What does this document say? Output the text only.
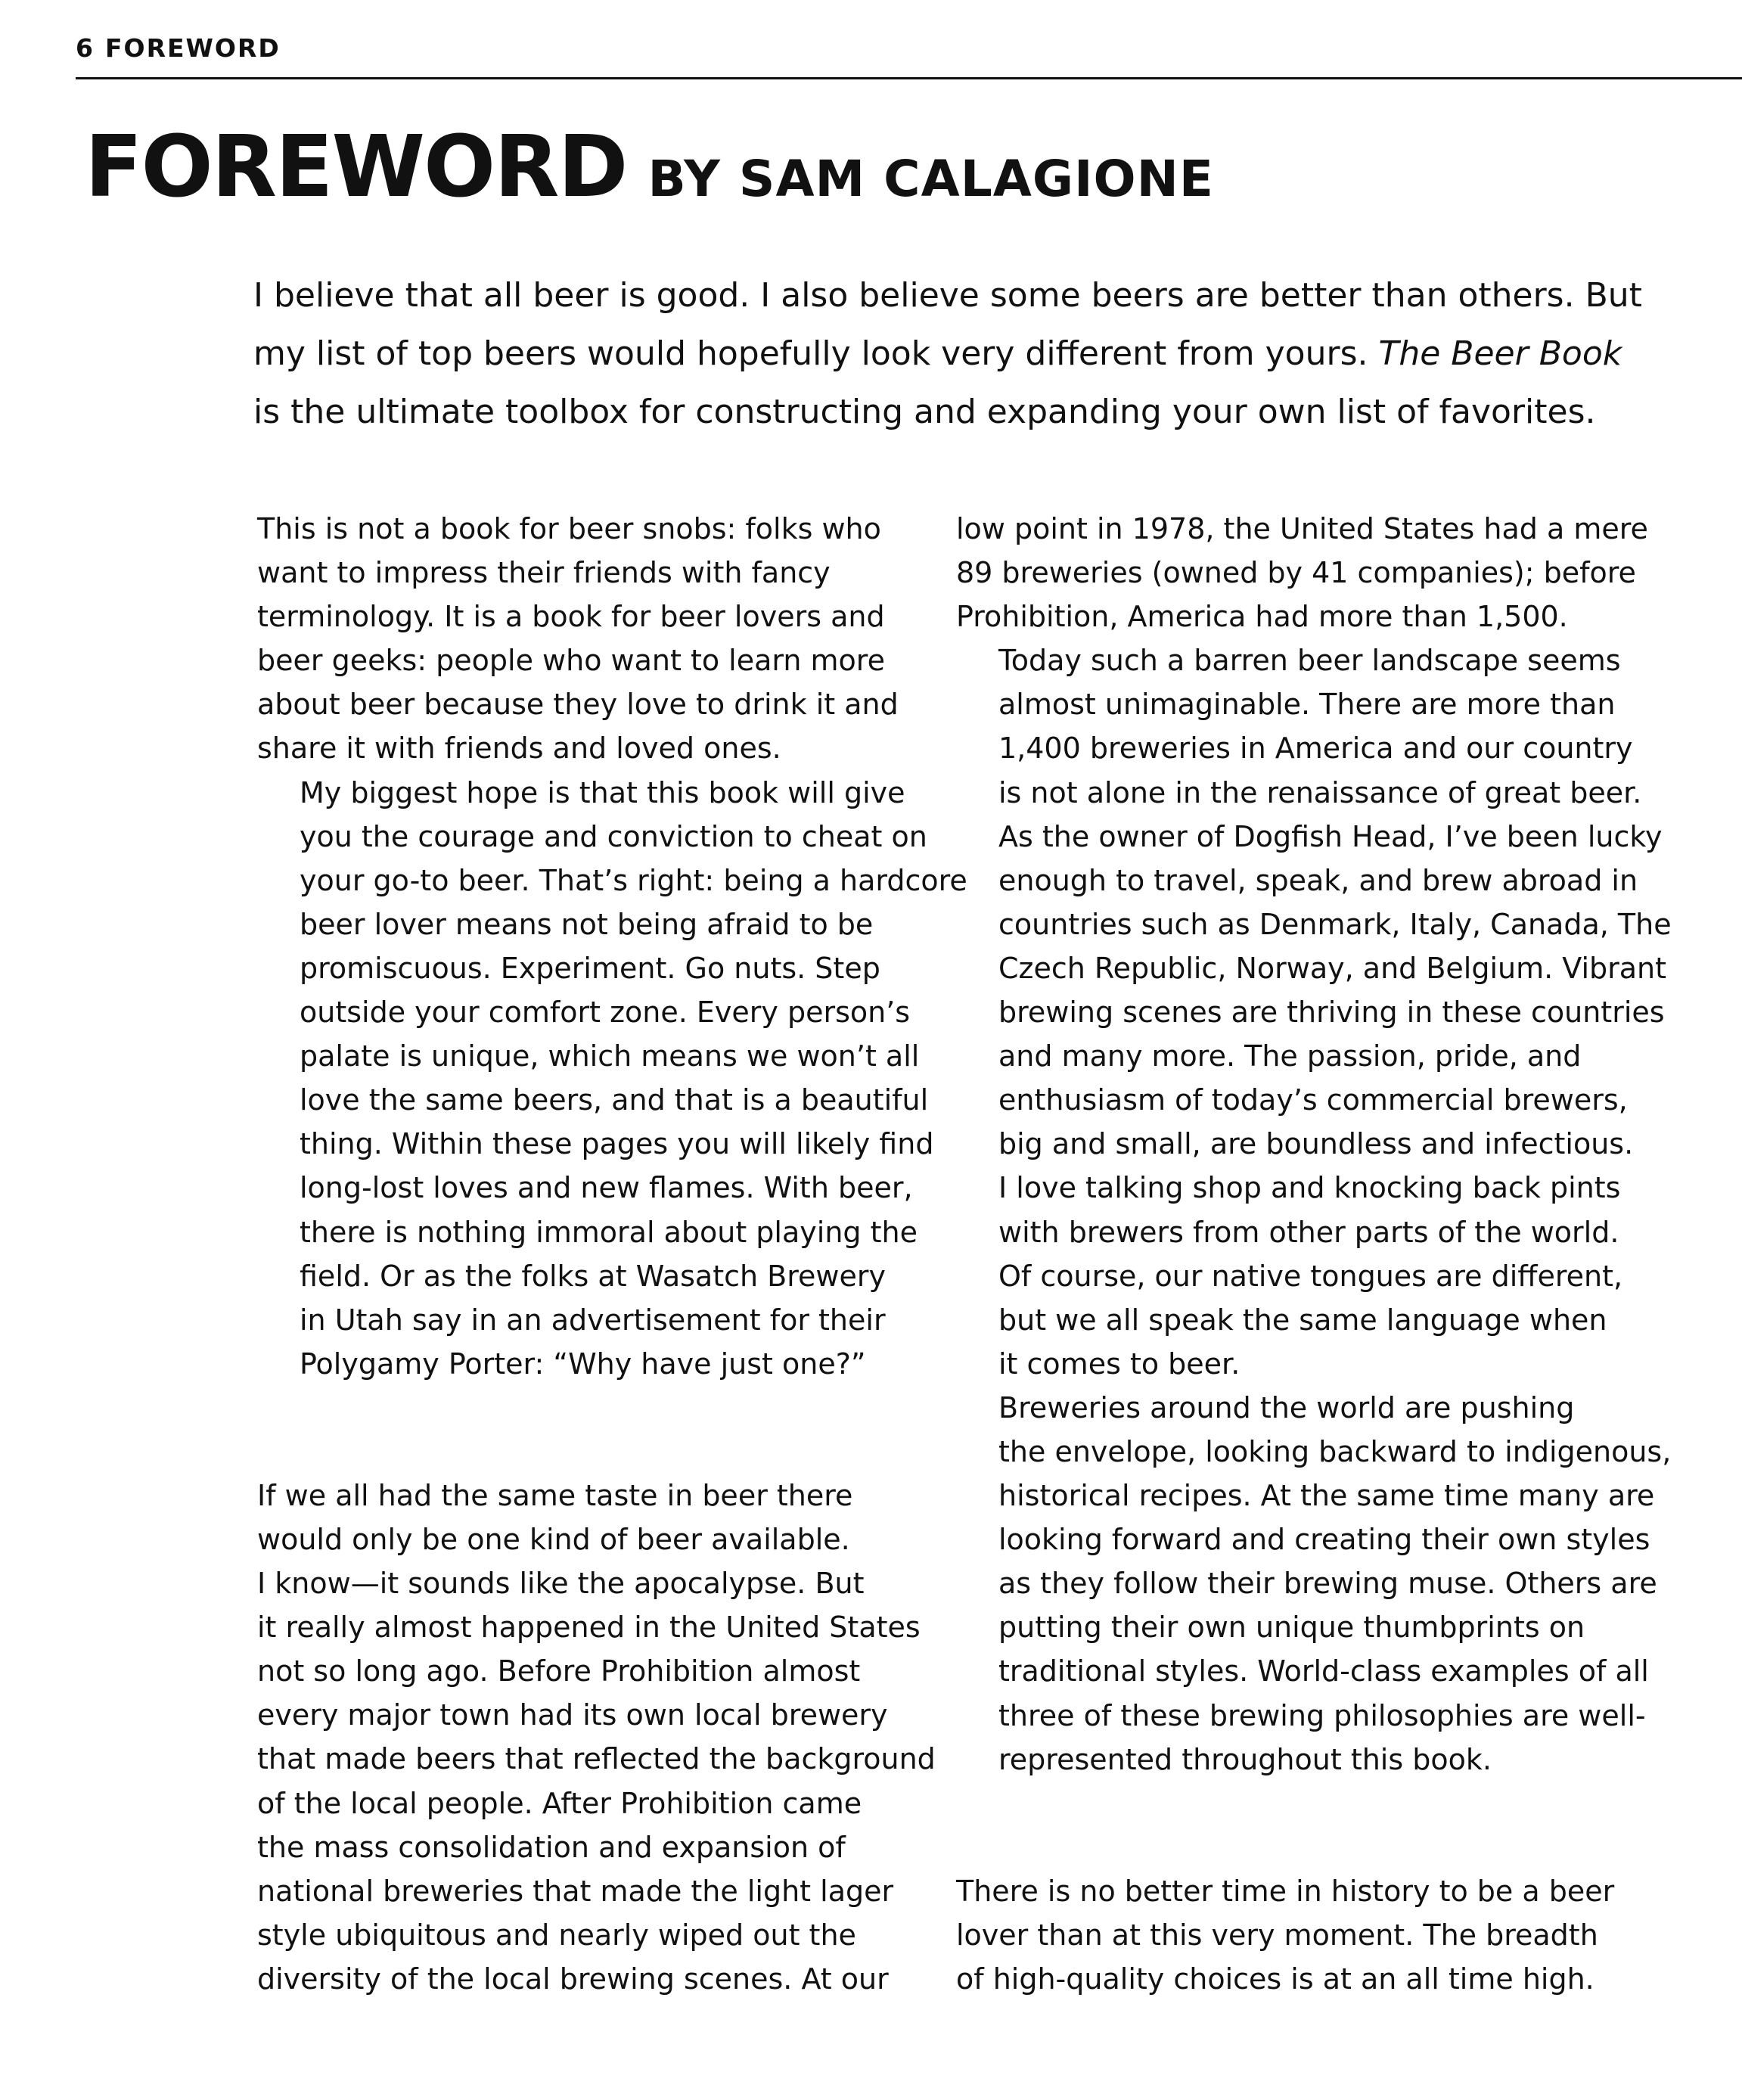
6 FOREWORD
FOREWORD BY SAM CALAGIONE

I believe that all beer is good. I also believe some beers are better than others. But
my list of top beers would hopefully look very different from yours. The Beer Book
is the ultimate toolbox for constructing and expanding your own list of favorites.

This is not a book for beer snobs: folks who
want to impress their friends with fancy
terminology. It is a book for beer lovers and
beer geeks: people who want to learn more
about beer because they love to drink it and
share it with friends and loved ones.

My biggest hope is that this book will give
you the courage and conviction to cheat on
your go-to beer. That’s right: being a hardcore
beer lover means not being afraid to be
promiscuous. Experiment. Go nuts. Step
outside your comfort zone. Every person’s
palate is unique, which means we won’t all
love the same beers, and that is a beautiful
thing. Within these pages you will likely find
long-lost loves and new flames. With beer,
there is nothing immoral about playing the
field. Or as the folks at Wasatch Brewery
in Utah say in an advertisement for their
Polygamy Porter: “Why have just one?”

If we all had the same taste in beer there
would only be one kind of beer available.
I know—it sounds like the apocalypse. But
it really almost happened in the United States
not so long ago. Before Prohibition almost
every major town had its own local brewery
that made beers that reflected the background
of the local people. After Prohibition came
the mass consolidation and expansion of
national breweries that made the light lager
style ubiquitous and nearly wiped out the
diversity of the local brewing scenes. At our

low point in 1978, the United States had a mere
89 breweries (owned by 41 companies); before
Prohibition, America had more than 1,500.

Today such a barren beer landscape seems
almost unimaginable. There are more than
1,400 breweries in America and our country
is not alone in the renaissance of great beer.
As the owner of Dogfish Head, I’ve been lucky
enough to travel, speak, and brew abroad in
countries such as Denmark, Italy, Canada, The
Czech Republic, Norway, and Belgium. Vibrant
brewing scenes are thriving in these countries
and many more. The passion, pride, and
enthusiasm of today’s commercial brewers,
big and small, are boundless and infectious.
I love talking shop and knocking back pints
with brewers from other parts of the world.
Of course, our native tongues are different,
but we all speak the same language when
it comes to beer.

Breweries around the world are pushing
the envelope, looking backward to indigenous,
historical recipes. At the same time many are
looking forward and creating their own styles
as they follow their brewing muse. Others are
putting their own unique thumbprints on
traditional styles. World-class examples of all
three of these brewing philosophies are well-
represented throughout this book.

There is no better time in history to be a beer
lover than at this very moment. The breadth
of high-quality choices is at an all time high.
